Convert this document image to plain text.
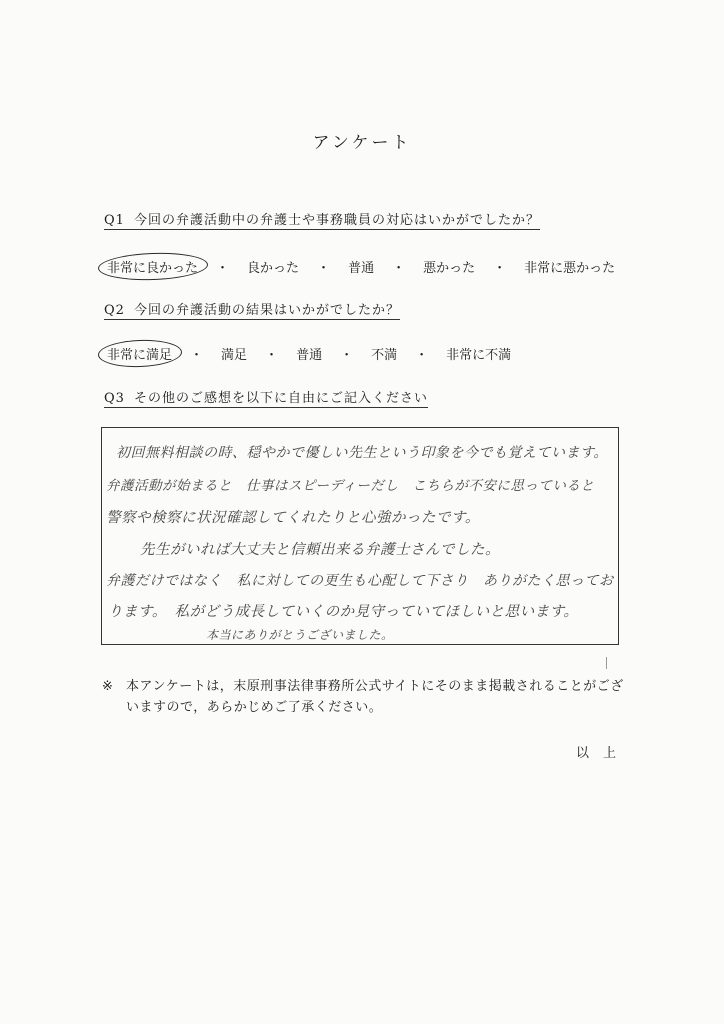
アンケート
Q1 今回の弁護活動中の弁護士や事務職員の対応はいかがでしたか？
非常に良かった ・ 良かった ・ 普通 ・ 悪かった ・ 非常に悪かった
Q2 今回の弁護活動の結果はいかがでしたか？
非常に満足 ・ 満足 ・ 普通 ・ 不満 ・ 非常に不満
Q3 その他のご感想を以下に自由にご記入ください
初回無料相談の時、穏やかで優しい先生という印象を今でも覚えています。
弁護活動が始まると　仕事はスピーディーだし　こちらが不安に思っていると
警察や検察に状況確認してくれたりと心強かったです。
先生がいれば大丈夫と信頼出来る弁護士さんでした。
弁護だけではなく　私に対しての更生も心配して下さり　ありがたく思ってお
ります。　私がどう成長していくのか見守っていてほしいと思います。
本当にありがとうございました。
※ 本アンケートは，末原刑事法律事務所公式サイトにそのまま掲載されることがございますので，あらかじめご了承ください。
以上
